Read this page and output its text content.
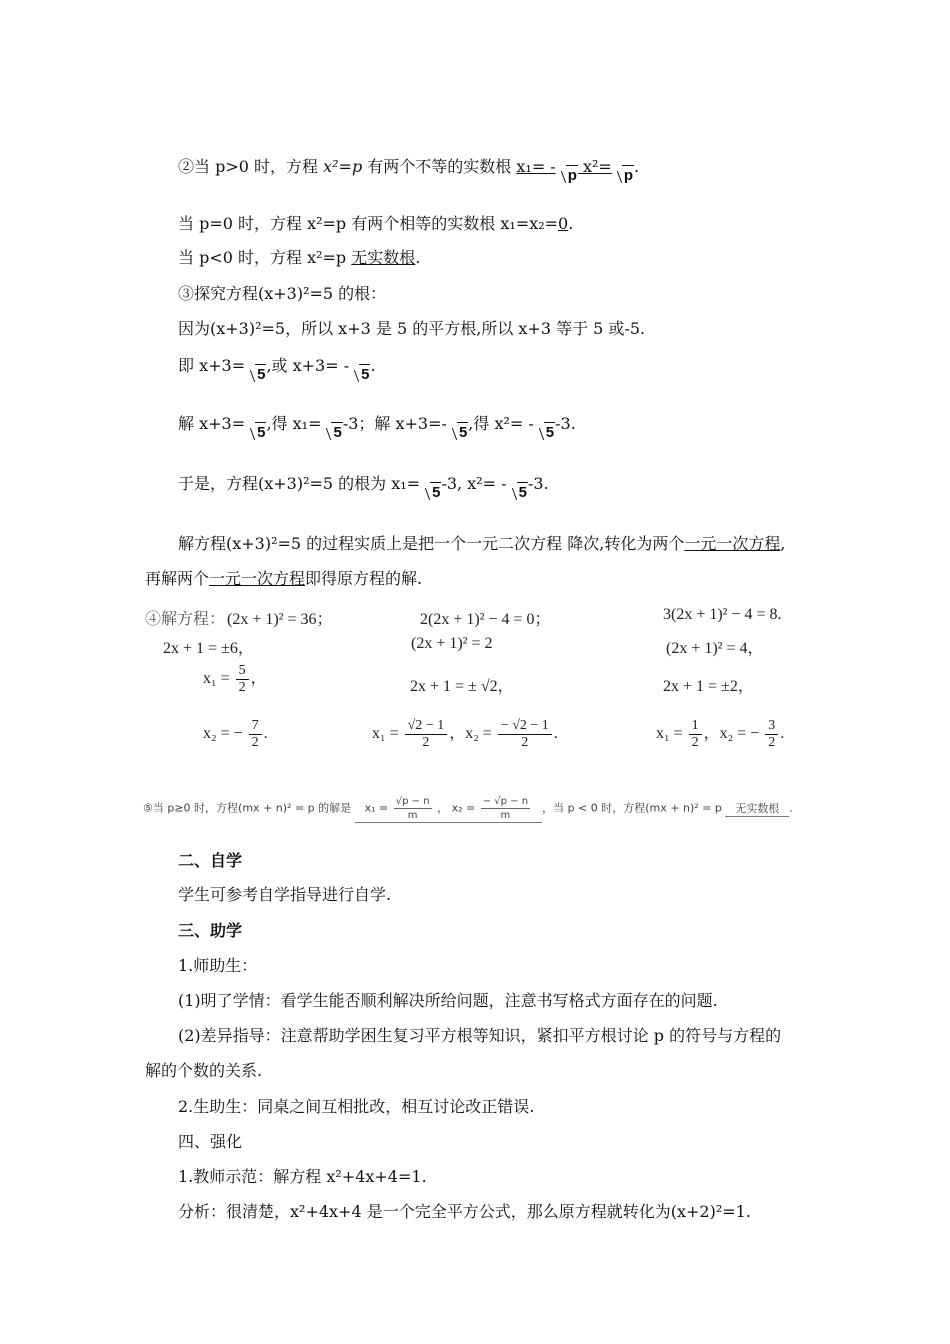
②当 p>0 时，方程 x²=p 有两个不等的实数根 x₁= - p x²= p.
当 p=0 时，方程 x²=p 有两个相等的实数根 x₁=x₂=0.
当 p<0 时，方程 x²=p 无实数根.
③探究方程(x+3)²=5 的根：
因为(x+3)²=5，所以 x+3 是 5 的平方根,所以 x+3 等于 5 或-5.
即 x+3= 5,或 x+3= - 5.
解 x+3= 5,得 x₁= 5-3；解 x+3=- 5,得 x²= - 5-3.
于是，方程(x+3)²=5 的根为 x₁= 5-3, x²= - 5-3.
解方程(x+3)²=5 的过程实质上是把一个一元二次方程 降次,转化为两个一元一次方程,
再解两个一元一次方程即得原方程的解.
④解方程： (2x + 1)² = 36；
2x + 1 = ±6，
$x_1 = \frac{5}{2}$ ，
x₂ = − $\frac{7}{2}$ .
2(2x + 1)² − 4 = 0；
(2x + 1)² = 2
2x + 1 = ± √2，
$x_1 = \frac{√2 - 1}{2}$ ，$x_2 = \frac{- √2 - 1}{2}$ .
3(2x + 1)² − 4 = 8.
(2x + 1)² = 4，
2x + 1 = ±2，
$x_1 = \frac{1}{2}$ ，x₂ = − $\frac{3}{2}$ .
⑤当 p≥0 时，方程(mx + n)² = p 的解是 $x_1 = \frac{√p - n}{m}$ ， $x_2 = \frac{- √p - n}{m}$ ，当 p < 0 时，方程(mx + n)² = p 无实数根 .
二、自学
学生可参考自学指导进行自学.
三、助学
1.师助生：
(1)明了学情：看学生能否顺利解决所给问题，注意书写格式方面存在的问题.
(2)差异指导：注意帮助学困生复习平方根等知识，紧扣平方根讨论 p 的符号与方程的
解的个数的关系.
2.生助生：同桌之间互相批改，相互讨论改正错误.
四、强化
1.教师示范：解方程 x²+4x+4=1.
分析：很清楚，x²+4x+4 是一个完全平方公式，那么原方程就转化为(x+2)²=1.
